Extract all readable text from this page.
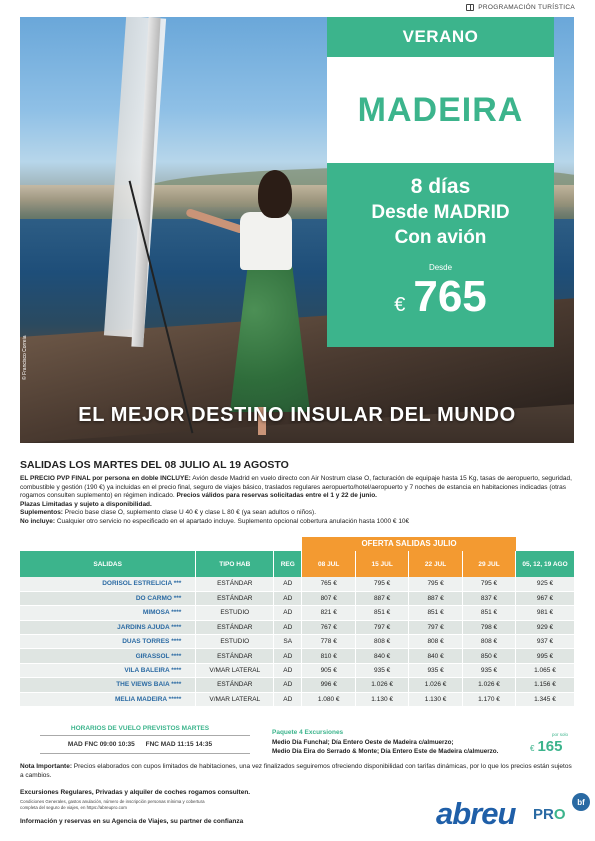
PROGRAMACIÓN TURÍSTICA
© Francisco Correia
VERANO
MADEIRA
8 días
Desde MADRID
Con avión
Desde
€ 765
EL MEJOR DESTINO INSULAR DEL MUNDO
SALIDAS LOS MARTES DEL 08 JULIO AL 19 AGOSTO
EL PRECIO PVP FINAL por persona en doble INCLUYE: Avión desde Madrid en vuelo directo con Air Nostrum clase O, facturación de equipaje hasta 15 Kg, tasas de aeropuerto, seguridad, combustible y gestión (190 €) ya incluidas en el precio final, seguro de viajes básico, traslados regulares aeropuerto/hotel/aeropuerto y 7 noches de estancia en habitaciones indicadas (otras rogamos consulten suplemento) en régimen indicado. Precios válidos para reservas solicitadas entre el 1 y 22 de junio.
Plazas Limitadas y sujeto a disponibilidad.
Suplementos: Precio base clase O, suplemento clase U 40 € y clase L 80 € (ya sean adultos o niños).
No incluye: Cualquier otro servicio no especificado en el apartado incluye. Suplemento opcional cobertura anulación hasta 1000 € 10€
OFERTA SALIDAS JULIO
SALIDAS	TIPO HAB	REG	08 JUL	15 JUL	22 JUL	29 JUL	05, 12, 19 AGO
DORISOL ESTRELICIA ***	ESTÁNDAR	AD	765 €	795 €	795 €	795 €	925 €
DO CARMO ***	ESTÁNDAR	AD	807 €	887 €	887 €	837 €	967 €
MIMOSA ****	ESTUDIO	AD	821 €	851 €	851 €	851 €	981 €
JARDINS AJUDA ****	ESTÁNDAR	AD	767 €	797 €	797 €	798 €	929 €
DUAS TORRES ****	ESTUDIO	SA	778 €	808 €	808 €	808 €	937 €
GIRASSOL ****	ESTÁNDAR	AD	810 €	840 €	840 €	850 €	995 €
VILA BALEIRA ****	V/MAR LATERAL	AD	905 €	935 €	935 €	935 €	1.065 €
THE VIEWS BAIA ****	ESTÁNDAR	AD	996 €	1.026 €	1.026 €	1.026 €	1.156 €
MELIA MADEIRA *****	V/MAR LATERAL	AD	1.080 €	1.130 €	1.130 €	1.170 €	1.345 €
HORARIOS DE VUELO PREVISTOS MARTES
MAD FNC 09:00 10:35 FNC MAD 11:15 14:35
Paquete 4 Excursiones
Medio Día Funchal; Día Entero Oeste de Madeira c/almuerzo;
Medio Día Eira do Serrado & Monte; Día Entero Este de Madeira c/almuerzo.
por solo
€ 165
Nota Importante: Precios elaborados con cupos limitados de habitaciones, una vez finalizados seguiremos ofreciendo disponibilidad con tarifas dinámicas, por lo que los precios están sujetos a cambios.
Excursiones Regulares, Privadas y alquiler de coches rogamos consulten.
Condiciones Generales, gastos anulación, número de inscripción personas mínima y cobertura completa del seguro de viajes, en https://abreupro.com
Información y reservas en su Agencia de Viajes, su partner de confianza	abreu PRO
bf
